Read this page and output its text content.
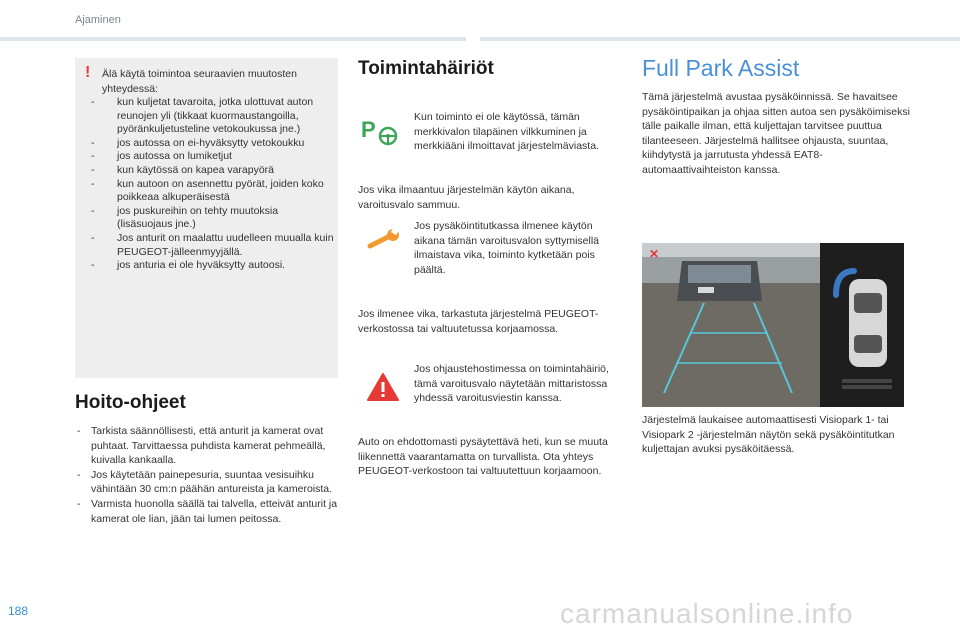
Ajaminen
! Älä käytä toimintoa seuraavien muutosten yhteydessä:
- kun kuljetat tavaroita, jotka ulottuvat auton reunojen yli (tikkaat kuormaustangoilla, pyöränkuljetusteline vetokoukussa jne.)
- jos autossa on ei-hyväksytty vetokoukku
- jos autossa on lumiketjut
- kun käytössä on kapea varapyörä
- kun autoon on asennettu pyörät, joiden koko poikkeaa alkuperäisestä
- jos puskureihin on tehty muutoksia (lisäsuojaus jne.)
- Jos anturit on maalattu uudelleen muualla kuin PEUGEOT-jälleenmyyjällä.
- jos anturia ei ole hyväksytty autoosi.
Hoito-ohjeet
- Tarkista säännöllisesti, että anturit ja kamerat ovat puhtaat. Tarvittaessa puhdista kamerat pehmeällä, kuivalla kankaalla.
- Jos käytetään painepesuria, suuntaa vesisuihku vähintään 30 cm:n päähän antureista ja kameroista.
- Varmista huonolla säällä tai talvella, etteivät anturit ja kamerat ole lian, jään tai lumen peitossa.
Toimintahäiriöt
P	Kun toiminto ei ole käytössä, tämän merkkivalon tilapäinen vilkkuminen ja merkkiääni ilmoittavat järjestelmäviasta.

Jos vika ilmaantuu järjestelmän käytön aikana, varoitusvalo sammuu.

Jos pysäköintitutkassa ilmenee käytön aikana tämän varoitusvalon syttymisellä ilmaistava vika, toiminto kytketään pois päältä.

Jos ilmenee vika, tarkastuta järjestelmä PEUGEOT-verkostossa tai valtuutetussa korjaamossa.

Jos ohjaustehostimessa on toimintahäiriö, tämä varoitusvalo näytetään mittaristossa yhdessä varoitusviestin kanssa.

Auto on ehdottomasti pysäytettävä heti, kun se muuta liikennettä vaarantamatta on turvallista. Ota yhteys PEUGEOT-verkostoon tai valtuutettuun korjaamoon.

Full Park Assist

Tämä järjestelmä avustaa pysäköinnissä. Se havaitsee pysäköintipaikan ja ohjaa sitten autoa sen pysäköimiseksi tälle paikalle ilman, että kuljettajan tarvitsee puuttua tilanteeseen. Järjestelmä hallitsee ohjausta, suuntaa, kiihdytystä ja jarrutusta yhdessä EAT8-automaattivaihteiston kanssa.

✕

Järjestelmä laukaisee automaattisesti Visiopark 1- tai Visiopark 2 -järjestelmän näytön sekä pysäköintitutkan kuljettajan avuksi pysäköitäessä.

188	carmanualsonline.info
